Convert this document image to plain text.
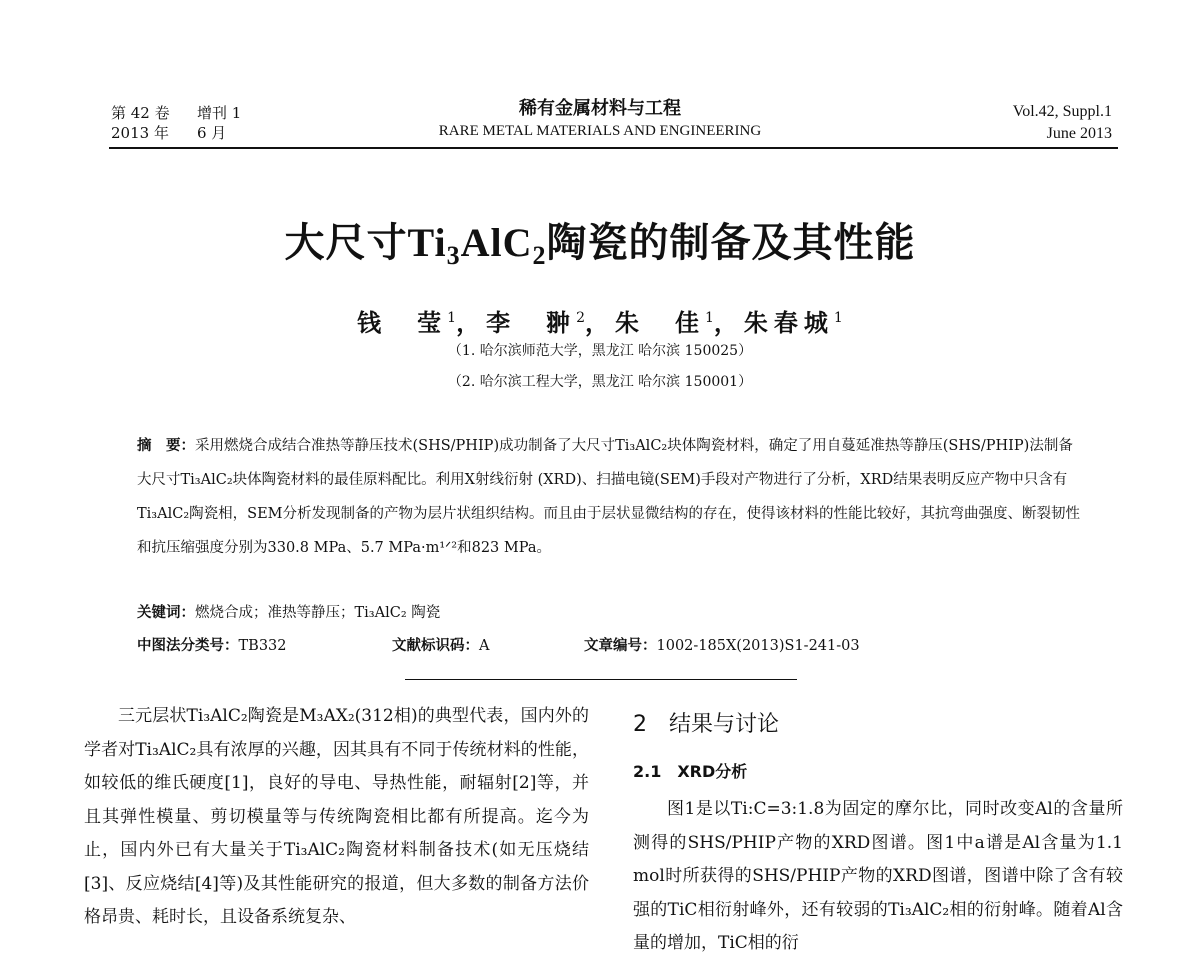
第 42 卷	增刊 1
2013 年	6 月
稀有金属材料与工程
RARE METAL MATERIALS AND ENGINEERING
Vol.42, Suppl.1
June 2013
大尺寸$Ti_3AlC_2$陶瓷的制备及其性能
钱　莹$^1$，李　翀$^2$，朱　佳$^1$，朱春城$^1$
（1. 哈尔滨师范大学，黑龙江 哈尔滨 150025）
（2. 哈尔滨工程大学，黑龙江 哈尔滨 150001）
摘　要：采用燃烧合成结合准热等静压技术(SHS/PHIP)成功制备了大尺寸Ti₃AlC₂块体陶瓷材料，确定了用自蔓延准热等静压(SHS/PHIP)法制备大尺寸Ti₃AlC₂块体陶瓷材料的最佳原料配比。利用X射线衍射 (XRD)、扫描电镜(SEM)手段对产物进行了分析，XRD结果表明反应产物中只含有Ti₃AlC₂陶瓷相，SEM分析发现制备的产物为层片状组织结构。而且由于层状显微结构的存在，使得该材料的性能比较好，其抗弯曲强度、断裂韧性和抗压缩强度分别为330.8 MPa、5.7 MPa·m¹ᐟ²和823 MPa。
关键词：燃烧合成；准热等静压；Ti₃AlC₂ 陶瓷
中图法分类号：TB332	文献标识码：A	文章编号：1002-185X(2013)S1-241-03

三元层状Ti₃AlC₂陶瓷是M₃AX₂(312相)的典型代表，国内外的学者对Ti₃AlC₂具有浓厚的兴趣，因其具有不同于传统材料的性能，如较低的维氏硬度[1]，良好的导电、导热性能，耐辐射[2]等，并且其弹性模量、剪切模量等与传统陶瓷相比都有所提高。迄今为止，国内外已有大量关于Ti₃AlC₂陶瓷材料制备技术(如无压烧结[3]、反应烧结[4]等)及其性能研究的报道，但大多数的制备方法价格昂贵、耗时长，且设备系统复杂、

2　结果与讨论
2.1　XRD分析

图1是以Ti:C=3:1.8为固定的摩尔比，同时改变Al的含量所测得的SHS/PHIP产物的XRD图谱。图1中a谱是Al含量为1.1 mol时所获得的SHS/PHIP产物的XRD图谱，图谱中除了含有较强的TiC相衍射峰外，还有较弱的Ti₃AlC₂相的衍射峰。随着Al含量的增加，TiC相的衍
